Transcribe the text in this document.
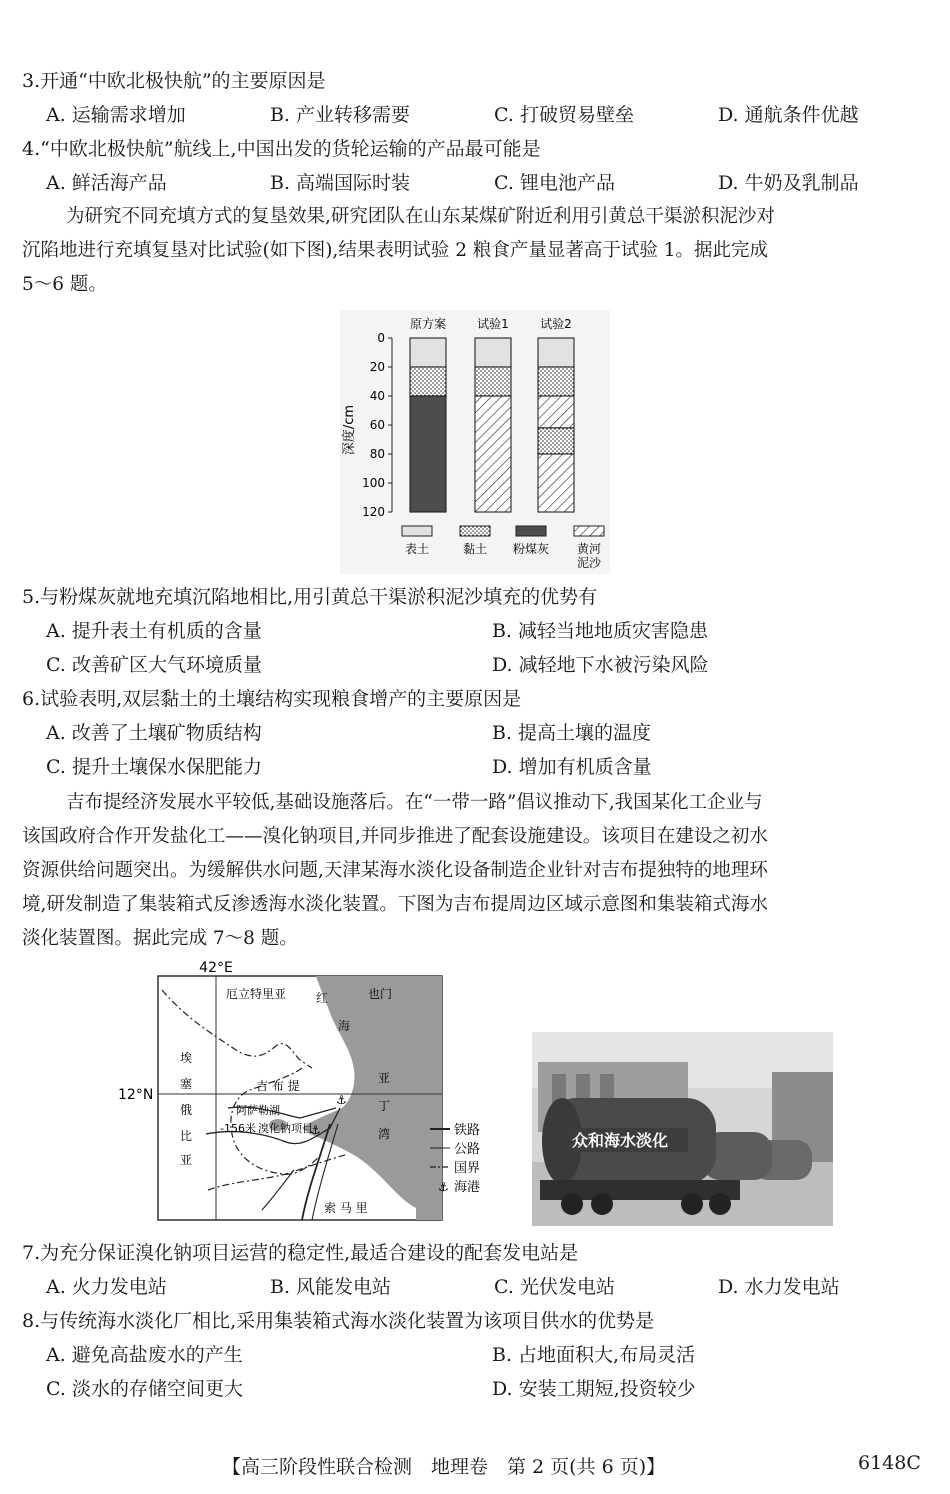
3.开通“中欧北极快航”的主要原因是
A. 运输需求增加	B. 产业转移需要	C. 打破贸易壁垒	D. 通航条件优越
4.“中欧北极快航”航线上,中国出发的货轮运输的产品最可能是
A. 鲜活海产品	B. 高端国际时装	C. 锂电池产品	D. 牛奶及乳制品
为研究不同充填方式的复垦效果,研究团队在山东某煤矿附近利用引黄总干渠淤积泥沙对
沉陷地进行充填复垦对比试验(如下图),结果表明试验 2 粮食产量显著高于试验 1。据此完成
5～6 题。
深度/cm
0
20
40
60
80
100
120
原方案	试验1	试验2
表土	黏土 粉煤灰 黄河
泥沙
5.与粉煤灰就地充填沉陷地相比,用引黄总干渠淤积泥沙填充的优势有
A. 提升表土有机质的含量	B. 减轻当地地质灾害隐患
C. 改善矿区大气环境质量	D. 减轻地下水被污染风险
6.试验表明,双层黏土的土壤结构实现粮食增产的主要原因是
A. 改善了土壤矿物质结构	B. 提高土壤的温度
C. 提升土壤保水保肥能力	D. 增加有机质含量
吉布提经济发展水平较低,基础设施落后。在“一带一路”倡议推动下,我国某化工企业与
该国政府合作开发盐化工——溴化钠项目,并同步推进了配套设施建设。该项目在建设之初水
资源供给问题突出。为缓解供水问题,天津某海水淡化设备制造企业针对吉布提独特的地理环
境,研发制造了集装箱式反渗透海水淡化装置。下图为吉布提周边区域示意图和集装箱式海水
淡化装置图。据此完成 7～8 题。
⚓
⚓
42°E
12°N
厄立特里亚	也门
红
海
埃
塞
俄
比
亚
吉 布 提
阿萨勒湖
-156米 溴化钠项目
亚
丁
湾
索 马 里
铁路
公路
国界
⚓ 海港
众和海水淡化
7.为充分保证溴化钠项目运营的稳定性,最适合建设的配套发电站是
A. 火力发电站	B. 风能发电站	C. 光伏发电站	D. 水力发电站
8.与传统海水淡化厂相比,采用集装箱式海水淡化装置为该项目供水的优势是
A. 避免高盐废水的产生	B. 占地面积大,布局灵活
C. 淡水的存储空间更大	D. 安装工期短,投资较少
【高三阶段性联合检测　地理卷　第 2 页(共 6 页)】	6148C
